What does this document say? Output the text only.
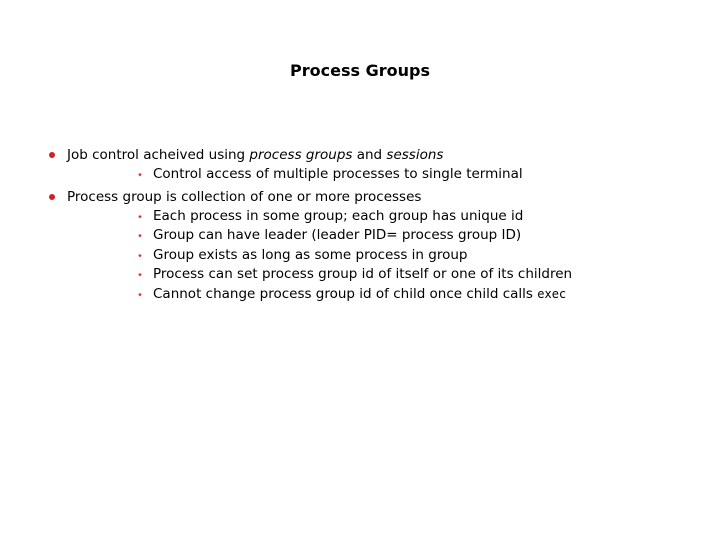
Process Groups
Job control acheived using process groups and sessions
⋆ Control access of multiple processes to single terminal
Process group is collection of one or more processes
⋆ Each process in some group; each group has unique id
⋆ Group can have leader (leader PID= process group ID)
⋆ Group exists as long as some process in group
⋆ Process can set process group id of itself or one of its children
⋆ Cannot change process group id of child once child calls exec
